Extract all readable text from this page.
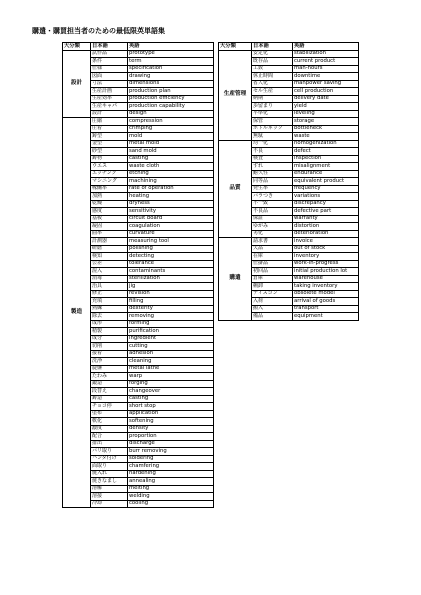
購遣・購買担当者のための最低限英単語集
大分類	日本語	英語
設計	試作品	prototype
	条件	term
	仕様	specification
	図面	drawing
	寸法	dimensions
	生産計画	production plan
	生産効率	production efficiency
	生産キャパ	production capability
	設計	design
製造	圧縮	compression
	圧着	crimping
	鋳型	mold
	金型	metal mold
	砂型	sand mold
	鋳物	casting
	ウエス	waste cloth
	エッチング	etching
	マシニング	machining
	稼働率	rate of operation
	加熱	heating
	乾燥	dryness
	感度	sensitivity
	基板	circuit board
	凝固	coagulation
	曲率	curvature
	計測器	measuring tool
	研磨	polishing
	検知	detecting
	公差	tolerance
	混入	contaminants
	消毒	sterilization
	治具	jig
	修正	revision
	充填	filling
	熟練	dexterity
	除去	removing
	成形	forming
	精製	purification
	成分	ingredient
	切削	cutting
	接着	adhesion
	洗浄	cleaning
	旋盤	metal lathe
	たわみ	warp
	鍛造	forging
	段替え	changeover
	鋳造	casting
	チョコ停	short stop
	塗布	application
	軟化	softening
	濃度	density
	配合	proportion
	排出	discharge
	バリ取り	burr removing
	ハンダ付け	soldering
	面取り	chamfering
	焼入れ	hardening
	焼きなまし	annealing
	溶解	melting
	溶接	welding
	冷却	cooling
大分類	日本語	英語
生産管理	安定化	stabilization
	既存品	current product
	工数	man-hours
	休止時間	downtime
	省人化	manpower saving
	セル生産	cell production
	納期	delivery date
	歩留まり	yield
	平準化	leveling
	保管	storage
	ボトルネック	bottleneck
	無駄	waste
品質	均一化	homogenization
	不良	defect
	検査	inspection
	ずれ	misalignment
	耐久性	endurance
	同等品	equivalent product
	発生率	frequency
	バラつき	variations
	不一致	discrepancy
	不良品	defective part
	保証	warranty
	ゆがみ	distortion
	劣化	deterioration
購遣	請求書	invoice
	欠品	out of stock
	在庫	inventory
	仕掛品	work-in-progress
	初回品	initial production lot
	倉庫	warehouse
	棚卸	taking inventory
	ディスコン	obsolete model
	入荷	arrival of goods
	搬入	transport
	備品	equipment
